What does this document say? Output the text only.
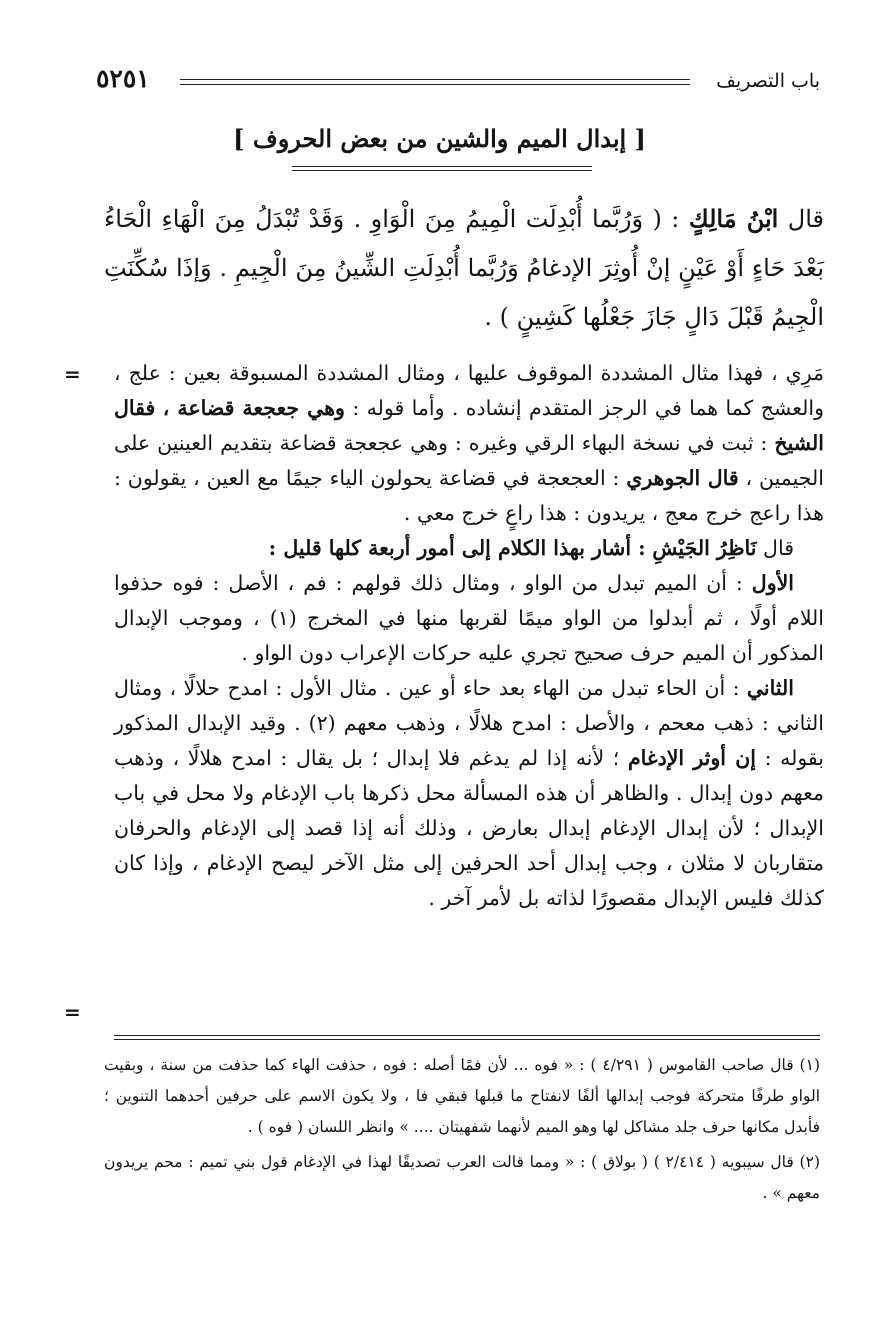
باب التصريف
٥٢٥١
[ إبدال الميم والشين من بعض الحروف ]
قال ابْنُ مَالِكٍ : ( وَرُبَّما أُبْدِلَت الْمِيمُ مِنَ الْوَاوِ . وَقَدْ تُبْدَلُ مِنَ الْهَاءِ الْحَاءُ بَعْدَ حَاءٍ أَوْ عَيْنٍ إنْ أُوثِرَ الإدغامُ وَرُبَّما أُبْدِلَتِ الشِّينُ مِنَ الْجِيمِ . وَإذَا سُكِّنَتِ الْجِيمُ قَبْلَ دَالٍ جَازَ جَعْلُها كَشِينٍ ) .
= مَرِي ، فهذا مثال المشددة الموقوف عليها ، ومثال المشددة المسبوقة بعين : علج ، والعشج كما هما في الرجز المتقدم إنشاده . وأما قوله : وهي جعجعة قضاعة ، فقال الشيخ : ثبت في نسخة البهاء الرقي وغيره : وهي عجعجة قضاعة بتقديم العينين على الجيمين ، قال الجوهري : العجعجة في قضاعة يحولون الياء جيمًا مع العين ، يقولون : هذا راعج خرج معج ، يريدون : هذا راعٍ خرج معي .

قال نَاظِرُ الجَيْشِ : أشار بهذا الكلام إلى أمور أربعة كلها قليل :

الأول : أن الميم تبدل من الواو ، ومثال ذلك قولهم : فم ، الأصل : فوه حذفوا اللام أولًا ، ثم أبدلوا من الواو ميمًا لقربها منها في المخرج (١) ، وموجب الإبدال المذكور أن الميم حرف صحيح تجري عليه حركات الإعراب دون الواو .

الثاني : أن الحاء تبدل من الهاء بعد حاء أو عين . مثال الأول : امدح حلالًا ، ومثال الثاني : ذهب معحم ، والأصل : امدح هلالًا ، وذهب معهم (٢) . وقيد الإبدال المذكور بقوله : إن أوثر الإدغام ؛ لأنه إذا لم يدغم فلا إبدال ؛ بل يقال : امدح هلالًا ، وذهب معهم دون إبدال . والظاهر أن هذه المسألة محل ذكرها باب الإدغام ولا محل في باب الإبدال ؛ لأن إبدال الإدغام إبدال بعارض ، وذلك أنه إذا قصد إلى الإدغام والحرفان متقاربان لا مثلان ، وجب إبدال أحد الحرفين إلى مثل الآخر ليصح الإدغام ، وإذا كان كذلك فليس الإبدال مقصورًا لذاته بل لأمر آخر .

=

(١) قال صاحب القاموس ( ٤/٢٩١ ) : « فوه ... لأن فمًا أصله : فوه ، حذفت الهاء كما حذفت من سنة ، وبقيت الواو طرفًا متحركة فوجب إبدالها ألفًا لانفتاح ما قبلها فبقي فا ، ولا يكون الاسم على حرفين أحدهما التنوين ؛ فأبدل مكانها حرف جلد مشاكل لها وهو الميم لأنهما شفهيتان .... » وانظر اللسان ( فوه ) .

(٢) قال سيبويه ( ٢/٤١٤ ) ( بولاق ) : « ومما قالت العرب تصديقًا لهذا في الإدغام قول بني تميم : محم يريدون معهم » .
